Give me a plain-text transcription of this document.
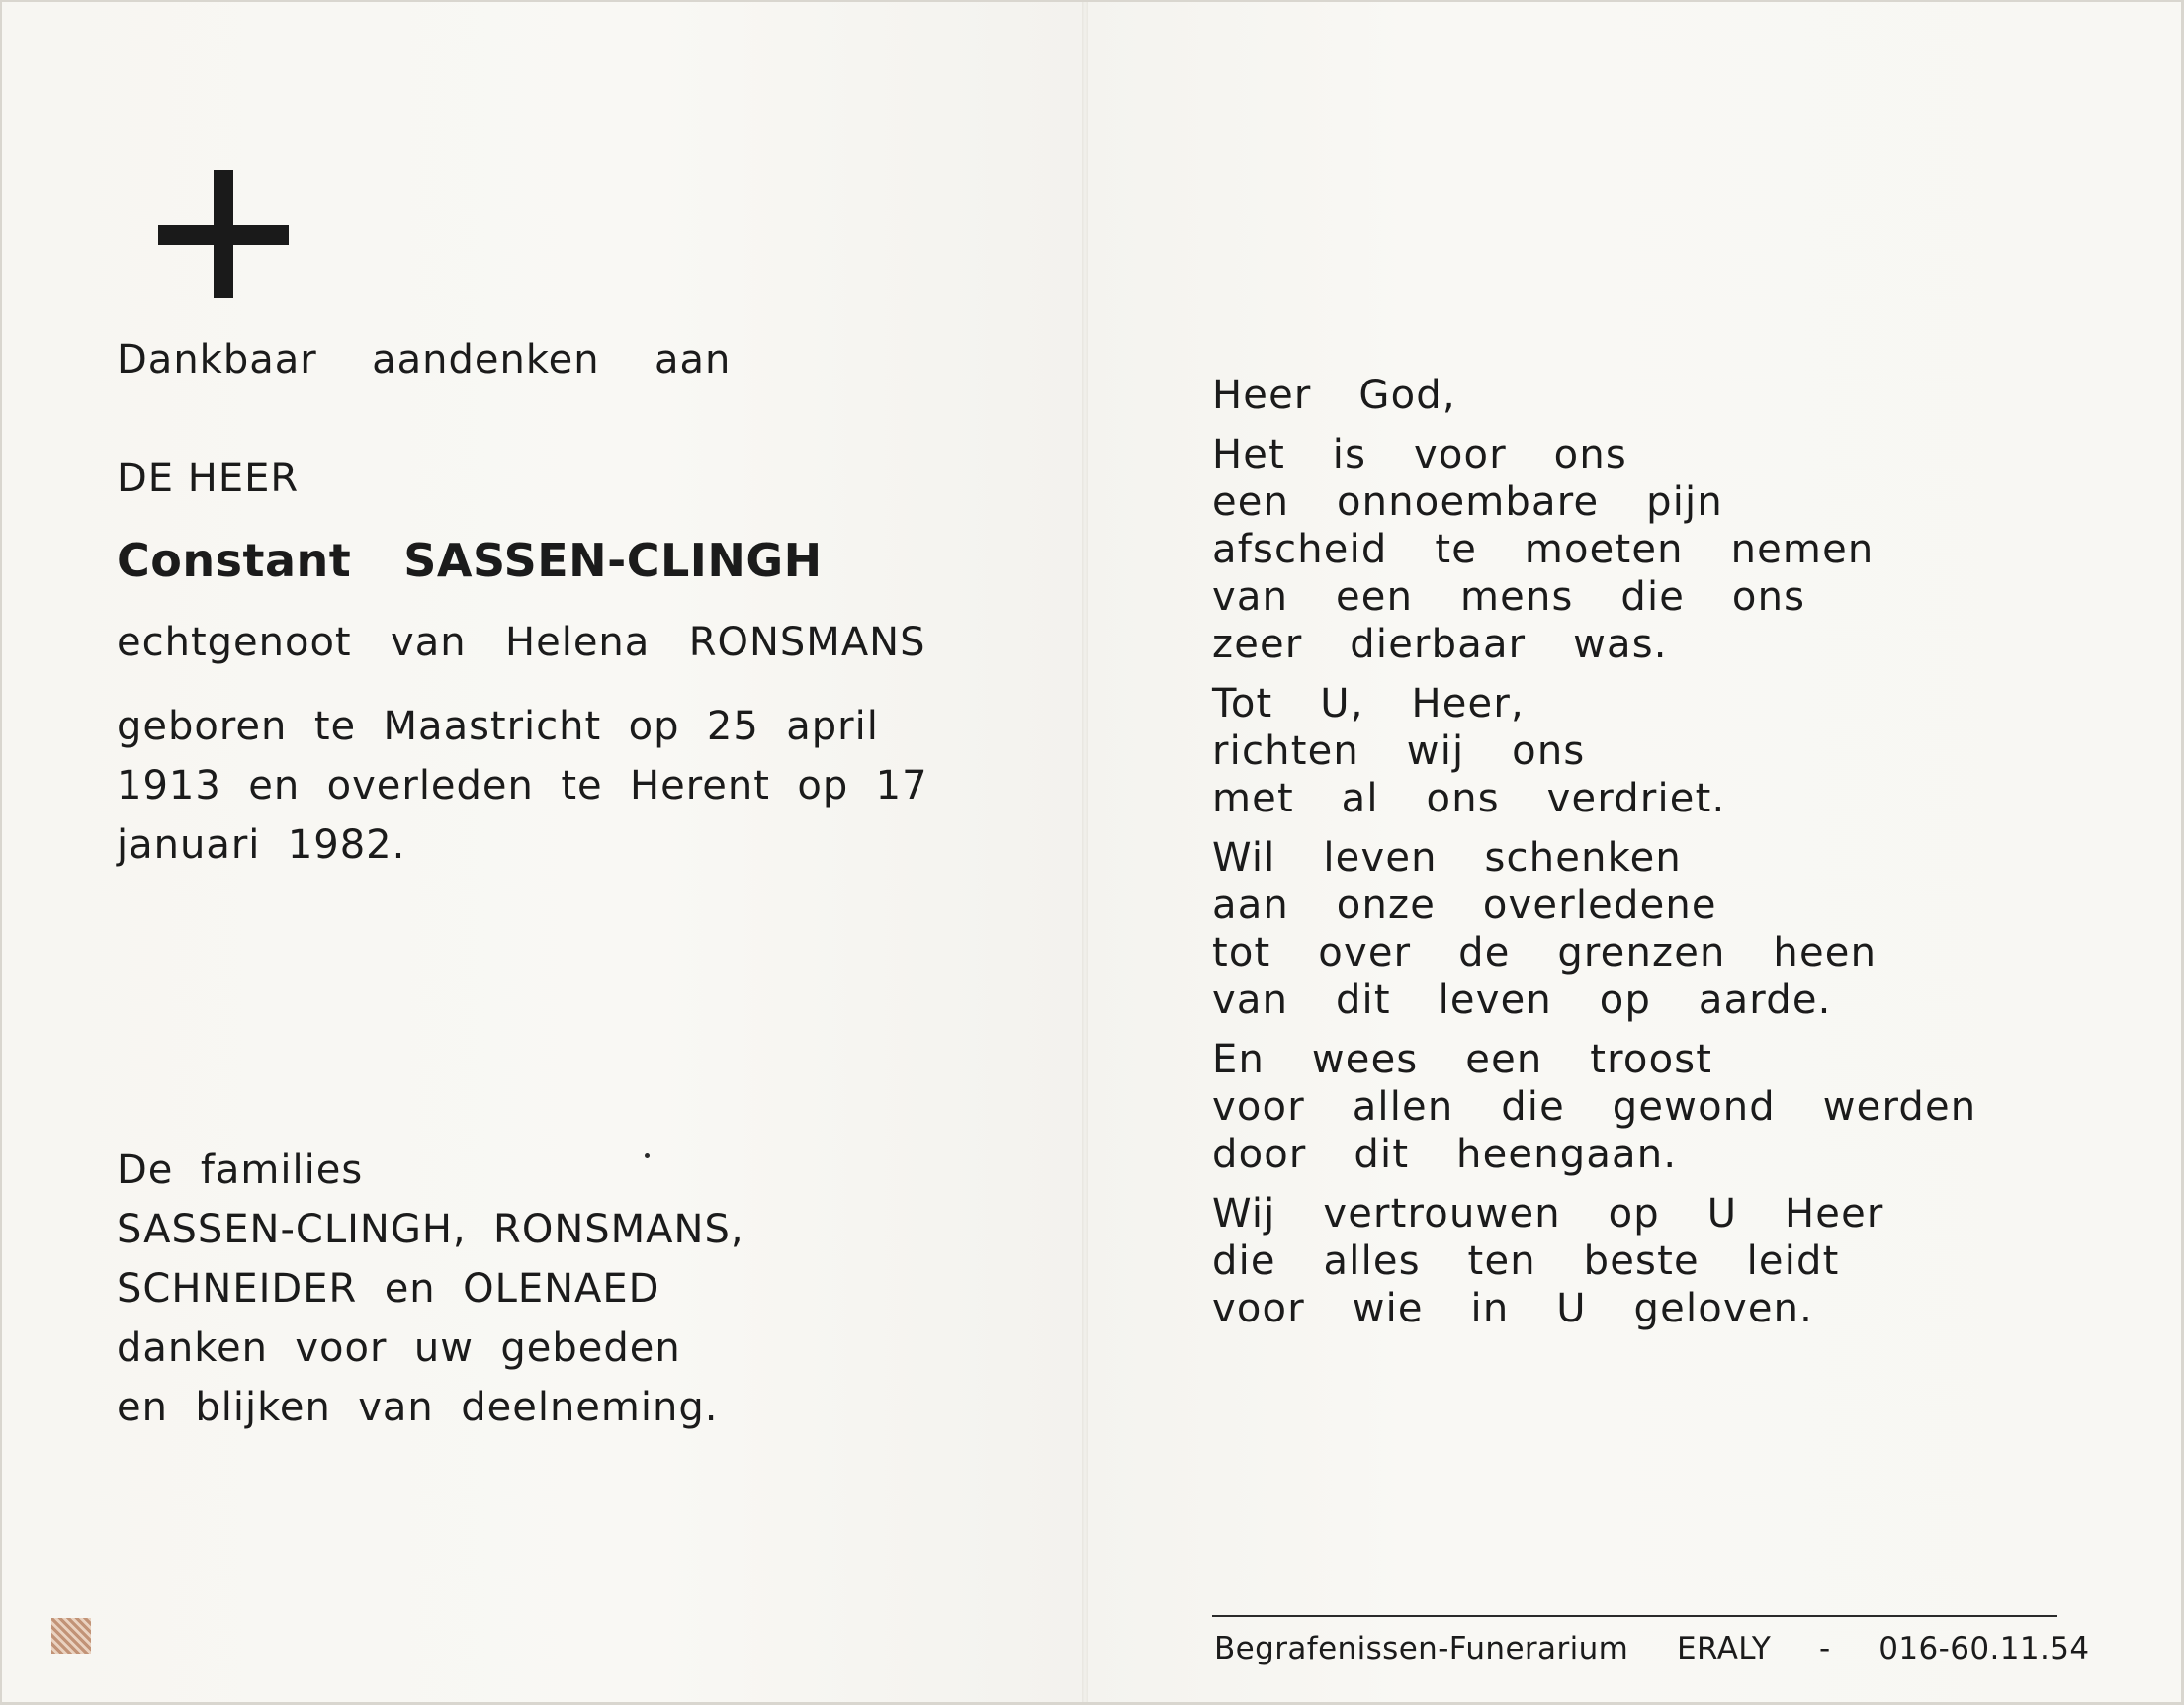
Dankbaar  aandenken  aan
DE HEER
Constant  SASSEN-CLINGH
echtgenoot  van  Helena  RONSMANS
geboren  te  Maastricht  op  25  april
1913  en  overleden  te  Herent  op  17
januari  1982.
De  families
SASSEN-CLINGH,  RONSMANS,
SCHNEIDER  en  OLENAED
danken  voor  uw  gebeden
en  blijken  van  deelneming.
Heer  God,
Het  is  voor  ons
een  onnoembare  pijn
afscheid  te  moeten  nemen
van  een  mens  die  ons
zeer  dierbaar  was.
Tot  U,  Heer,
richten  wij  ons
met  al  ons  verdriet.
Wil  leven  schenken
aan  onze  overledene
tot  over  de  grenzen  heen
van  dit  leven  op  aarde.
En  wees  een  troost
voor  allen  die  gewond  werden
door  dit  heengaan.
Wij  vertrouwen  op  U  Heer
die  alles  ten  beste  leidt
voor  wie  in  U  geloven.
Begrafenissen-Funerarium   ERALY   -   016-60.11.54
